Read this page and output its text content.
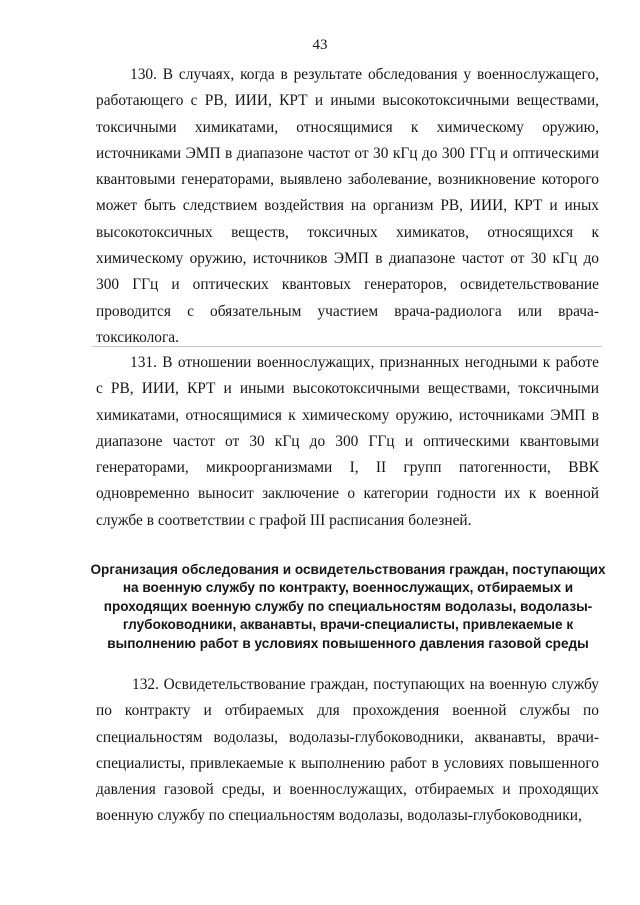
43

130. В случаях, когда в результате обследования у военнослужащего, работающего с РВ, ИИИ, КРТ и иными высокотоксичными веществами, токсичными химикатами, относящимися к химическому оружию, источниками ЭМП в диапазоне частот от 30 кГц до 300 ГГц и оптическими квантовыми генераторами, выявлено заболевание, возникновение которого может быть следствием воздействия на организм РВ, ИИИ, КРТ и иных высокотоксичных веществ, токсичных химикатов, относящихся к химическому оружию, источников ЭМП в диапазоне частот от 30 кГц до 300 ГГц и оптических квантовых генераторов, освидетельствование проводится с обязательным участием врача-радиолога или врача-токсиколога.

131. В отношении военнослужащих, признанных негодными к работе с РВ, ИИИ, КРТ и иными высокотоксичными веществами, токсичными химикатами, относящимися к химическому оружию, источниками ЭМП в диапазоне частот от 30 кГц до 300 ГГц и оптическими квантовыми генераторами, микроорганизмами I, II групп патогенности, ВВК одновременно выносит заключение о категории годности их к военной службе в соответствии с графой III расписания болезней.

Организация обследования и освидетельствования граждан, поступающих на военную службу по контракту, военнослужащих, отбираемых и проходящих военную службу по специальностям водолазы, водолазы-глубоководники, акванавты, врачи-специалисты, привлекаемые к выполнению работ в условиях повышенного давления газовой среды

132. Освидетельствование граждан, поступающих на военную службу по контракту и отбираемых для прохождения военной службы по специальностям водолазы, водолазы-глубоководники, акванавты, врачи-специалисты, привлекаемые к выполнению работ в условиях повышенного давления газовой среды, и военнослужащих, отбираемых и проходящих военную службу по специальностям водолазы, водолазы-глубоководники,
